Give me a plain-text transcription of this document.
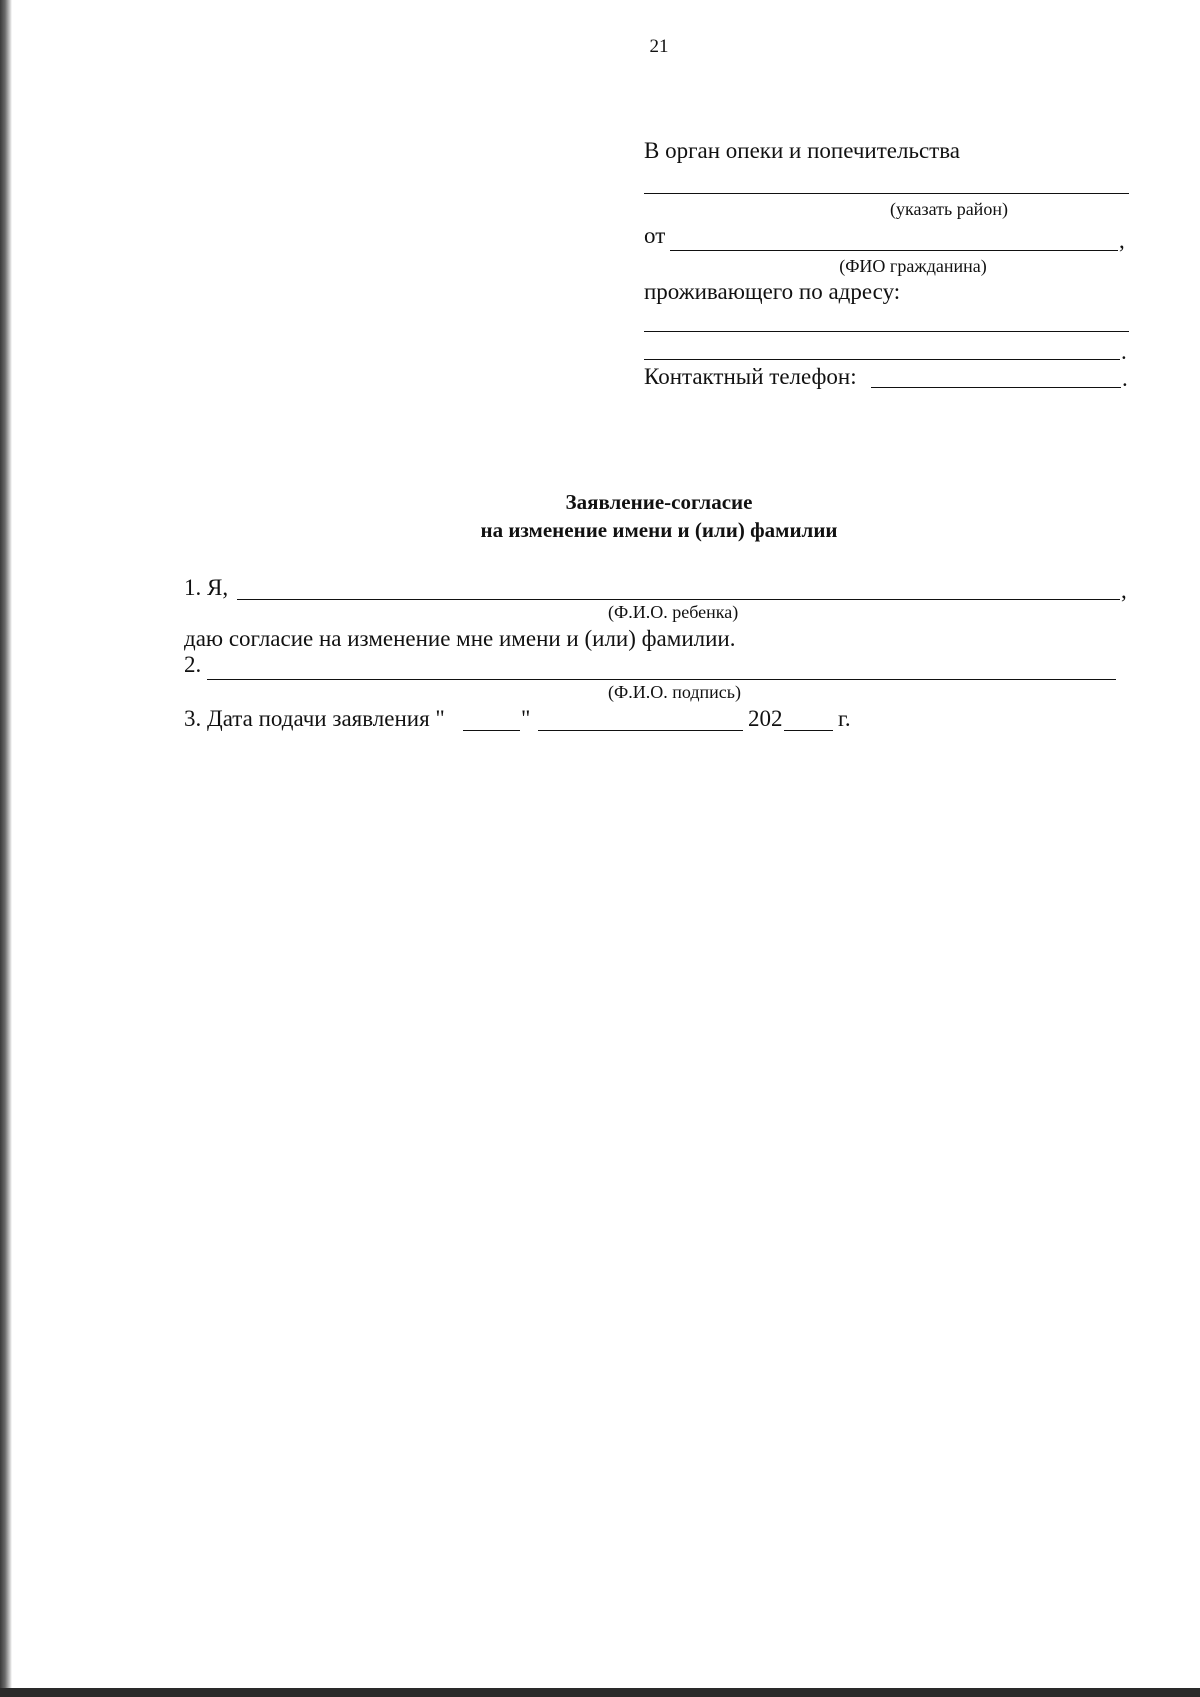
21
В орган опеки и попечительства
(указать район)
от	,
(ФИО гражданина)
проживающего по адресу:
.
Контактный телефон:	.
Заявление-согласие
на изменение имени и (или) фамилии
1. Я,	,
(Ф.И.О. ребенка)
даю согласие на изменение мне имени и (или) фамилии.
2.
(Ф.И.О. подпись)
3. Дата подачи заявления "	"	202 г.
